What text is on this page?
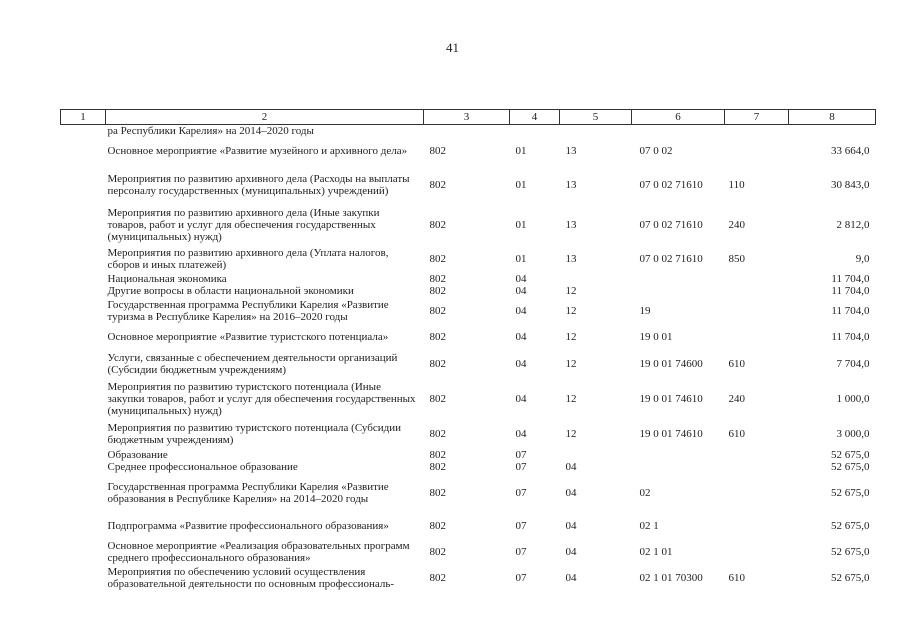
41
1	2	3	4	5	6	7	8
	ра Республики Карелия» на 2014–2020 годы						
	Основное мероприятие «Развитие музейного и архивного дела»	802	01	13	07 0 02		33 664,0
	Мероприятия по развитию архивного дела (Расходы на выплаты персоналу государственных (муниципальных) учреждений)	802	01	13	07 0 02 71610	110	30 843,0
	Мероприятия по развитию архивного дела (Иные закупки товаров, работ и услуг для обеспечения государственных (муниципальных) нужд)	802	01	13	07 0 02 71610	240	2 812,0
	Мероприятия по развитию архивного дела (Уплата налогов, сборов и иных платежей)	802	01	13	07 0 02 71610	850	9,0
	Национальная экономика	802	04				11 704,0
	Другие вопросы в области национальной экономики	802	04	12			11 704,0
	Государственная программа Республики Карелия «Развитие туризма в Республике Карелия» на 2016–2020 годы	802	04	12	19		11 704,0
	Основное мероприятие «Развитие туристского потенциала»	802	04	12	19 0 01		11 704,0
	Услуги, связанные с обеспечением деятельности организаций (Субсидии бюджетным учреждениям)	802	04	12	19 0 01 74600	610	7 704,0
	Мероприятия по развитию туристского потенциала (Иные закупки товаров, работ и услуг для обеспечения государственных (муниципальных) нужд)	802	04	12	19 0 01 74610	240	1 000,0
	Мероприятия по развитию туристского потенциала (Субсидии бюджетным учреждениям)	802	04	12	19 0 01 74610	610	3 000,0
	Образование	802	07				52 675,0
	Среднее профессиональное образование	802	07	04			52 675,0
	Государственная программа Республики Карелия «Развитие образования в Республике Карелия» на 2014–2020 годы	802	07	04	02		52 675,0
	Подпрограмма «Развитие профессионального образования»	802	07	04	02 1		52 675,0
	Основное мероприятие «Реализация образовательных программ среднего профессионального образования»	802	07	04	02 1 01		52 675,0
	Мероприятия по обеспечению условий осуществления образовательной деятельности по основным профессиональ-	802	07	04	02 1 01 70300	610	52 675,0
